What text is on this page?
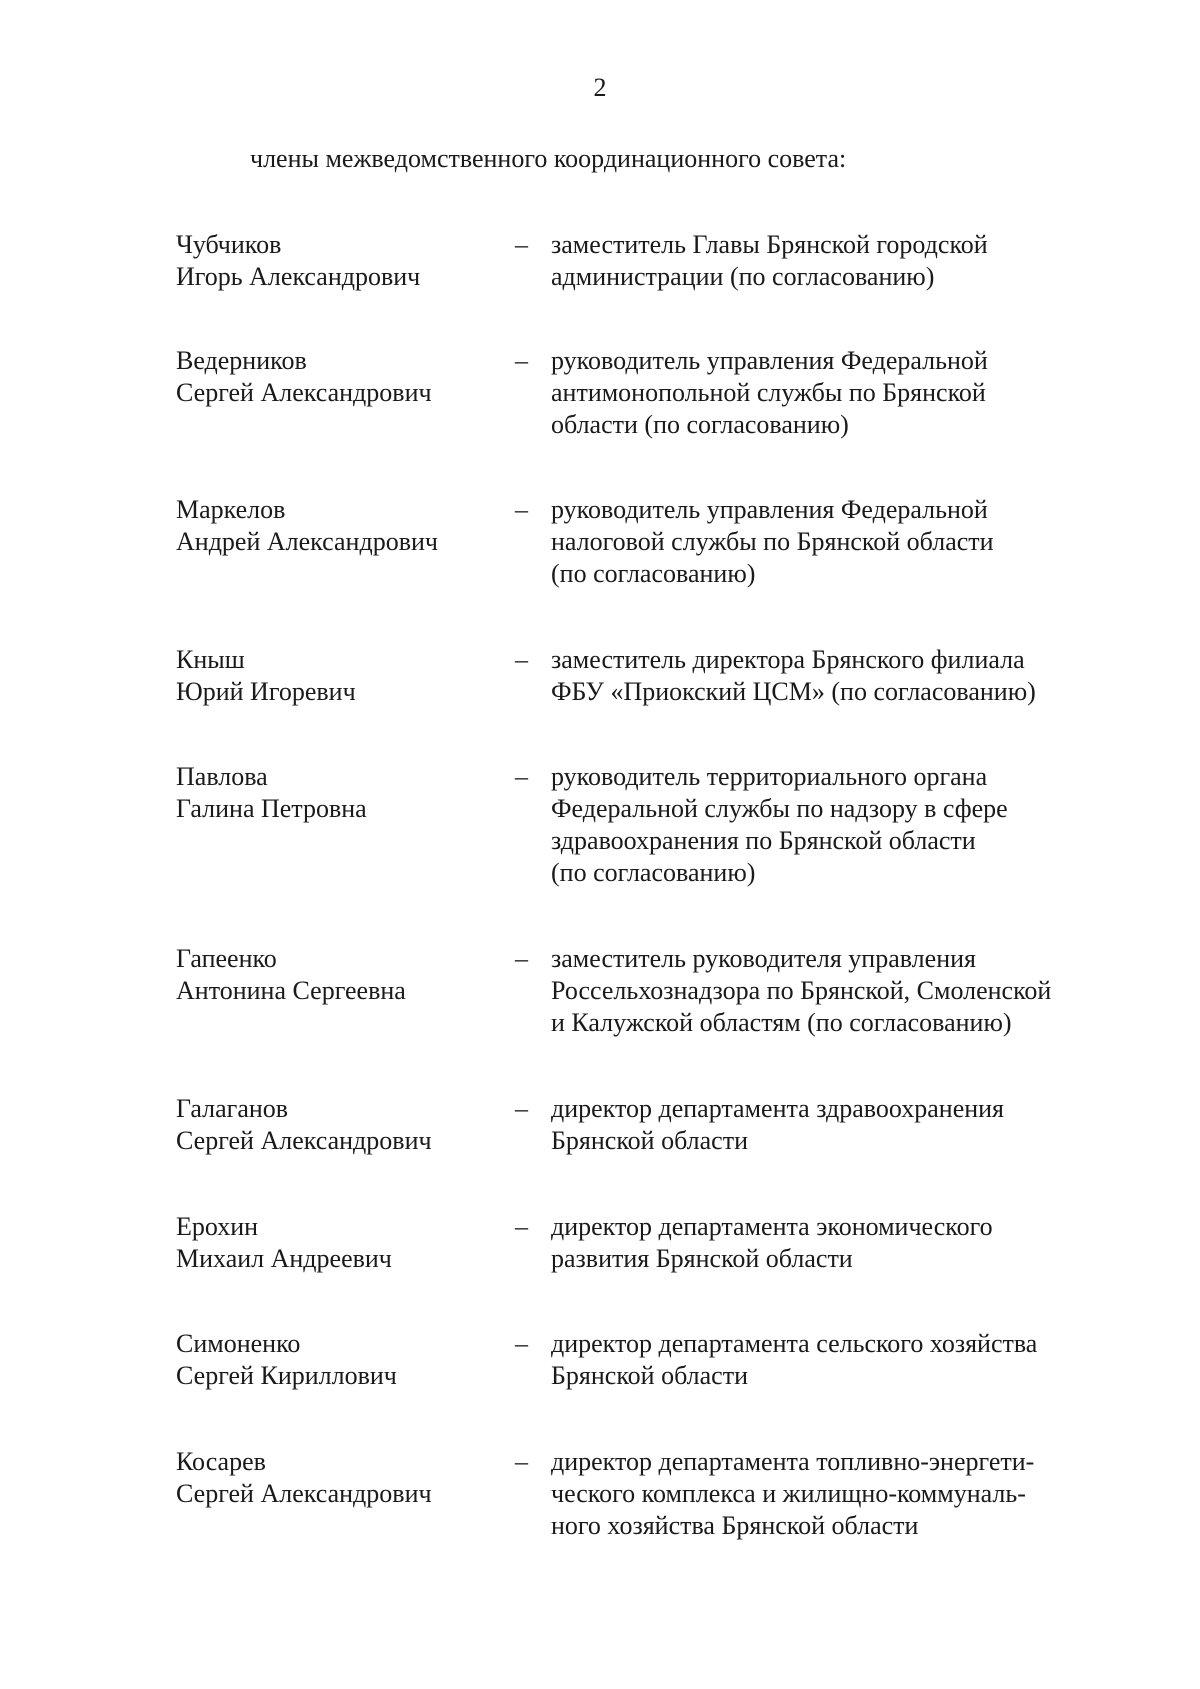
2
члены межведомственного координационного совета:
Чубчиков
Игорь Александрович
– заместитель Главы Брянской городской
администрации (по согласованию)
Ведерников
Сергей Александрович
– руководитель управления Федеральной
антимонопольной службы по Брянской
области (по согласованию)
Маркелов
Андрей Александрович
– руководитель управления Федеральной
налоговой службы по Брянской области
(по согласованию)
Кныш
Юрий Игоревич
– заместитель директора Брянского филиала
ФБУ «Приокский ЦСМ» (по согласованию)
Павлова
Галина Петровна
– руководитель территориального органа
Федеральной службы по надзору в сфере
здравоохранения по Брянской области
(по согласованию)
Гапеенко
Антонина Сергеевна
– заместитель руководителя управления
Россельхознадзора по Брянской, Смоленской
и Калужской областям (по согласованию)
Галаганов
Сергей Александрович
– директор департамента здравоохранения
Брянской области
Ерохин
Михаил Андреевич
– директор департамента экономического
развития Брянской области
Симоненко
Сергей Кириллович
– директор департамента сельского хозяйства
Брянской области
Косарев
Сергей Александрович
– директор департамента топливно-энергети-
ческого комплекса и жилищно-коммуналь-
ного хозяйства Брянской области
